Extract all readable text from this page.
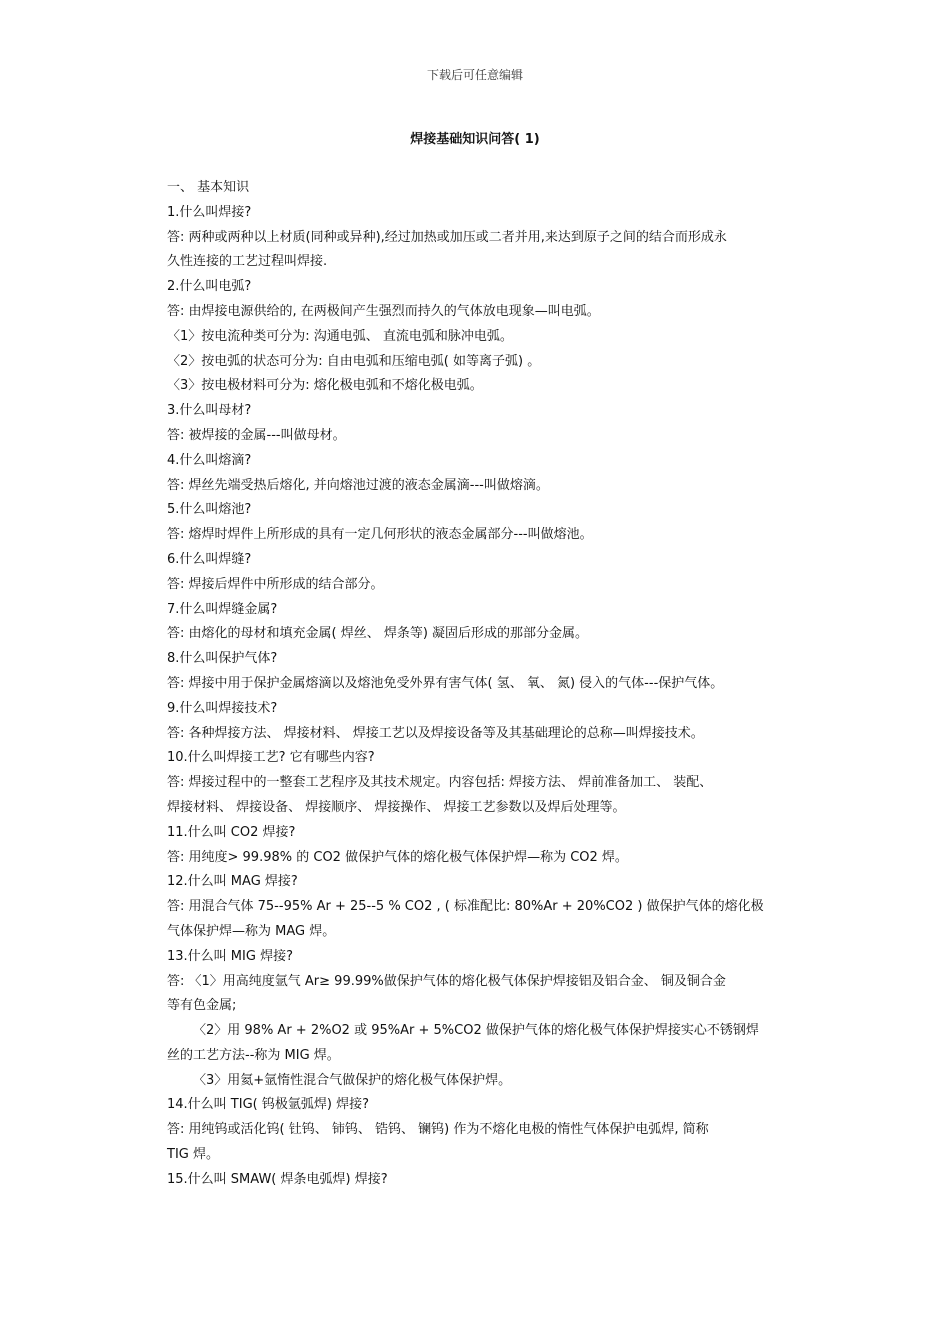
下载后可任意编辑
焊接基础知识问答( 1)
一、 基本知识
1.什么叫焊接?
答: 两种或两种以上材质(同种或异种),经过加热或加压或二者并用,来达到原子之间的结合而形成永
久性连接的工艺过程叫焊接.
2.什么叫电弧?
答: 由焊接电源供给的, 在两极间产生强烈而持久的气体放电现象—叫电弧。
〈1〉按电流种类可分为: 沟通电弧、 直流电弧和脉冲电弧。
〈2〉按电弧的状态可分为: 自由电弧和压缩电弧( 如等离子弧) 。
〈3〉按电极材料可分为: 熔化极电弧和不熔化极电弧。
3.什么叫母材?
答: 被焊接的金属---叫做母材。
4.什么叫熔滴?
答: 焊丝先端受热后熔化, 并向熔池过渡的液态金属滴---叫做熔滴。
5.什么叫熔池?
答: 熔焊时焊件上所形成的具有一定几何形状的液态金属部分---叫做熔池。
6.什么叫焊缝?
答: 焊接后焊件中所形成的结合部分。
7.什么叫焊缝金属?
答: 由熔化的母材和填充金属( 焊丝、 焊条等) 凝固后形成的那部分金属。
8.什么叫保护气体?
答: 焊接中用于保护金属熔滴以及熔池免受外界有害气体( 氢、 氧、 氮) 侵入的气体---保护气体。
9.什么叫焊接技术?
答: 各种焊接方法、 焊接材料、 焊接工艺以及焊接设备等及其基础理论的总称—叫焊接技术。
10.什么叫焊接工艺? 它有哪些内容?
答: 焊接过程中的一整套工艺程序及其技术规定。内容包括: 焊接方法、 焊前准备加工、 装配、
焊接材料、 焊接设备、 焊接顺序、 焊接操作、 焊接工艺参数以及焊后处理等。
11.什么叫 CO2 焊接?
答: 用纯度> 99.98% 的 CO2 做保护气体的熔化极气体保护焊—称为 CO2 焊。
12.什么叫 MAG 焊接?
答: 用混合气体 75--95% Ar + 25--5 % CO2 , ( 标准配比: 80%Ar + 20%CO2 ) 做保护气体的熔化极
气体保护焊—称为 MAG 焊。
13.什么叫 MIG 焊接?
答: 〈1〉用高纯度氩气 Ar≥ 99.99%做保护气体的熔化极气体保护焊接铝及铝合金、 铜及铜合金
等有色金属;
〈2〉用 98% Ar + 2%O2 或 95%Ar + 5%CO2 做保护气体的熔化极气体保护焊接实心不锈钢焊
丝的工艺方法--称为 MIG 焊。
〈3〉用氦+氩惰性混合气做保护的熔化极气体保护焊。
14.什么叫 TIG( 钨极氩弧焊) 焊接?
答: 用纯钨或活化钨( 钍钨、 铈钨、 锆钨、 镧钨) 作为不熔化电极的惰性气体保护电弧焊, 简称
TIG 焊。
15.什么叫 SMAW( 焊条电弧焊) 焊接?
